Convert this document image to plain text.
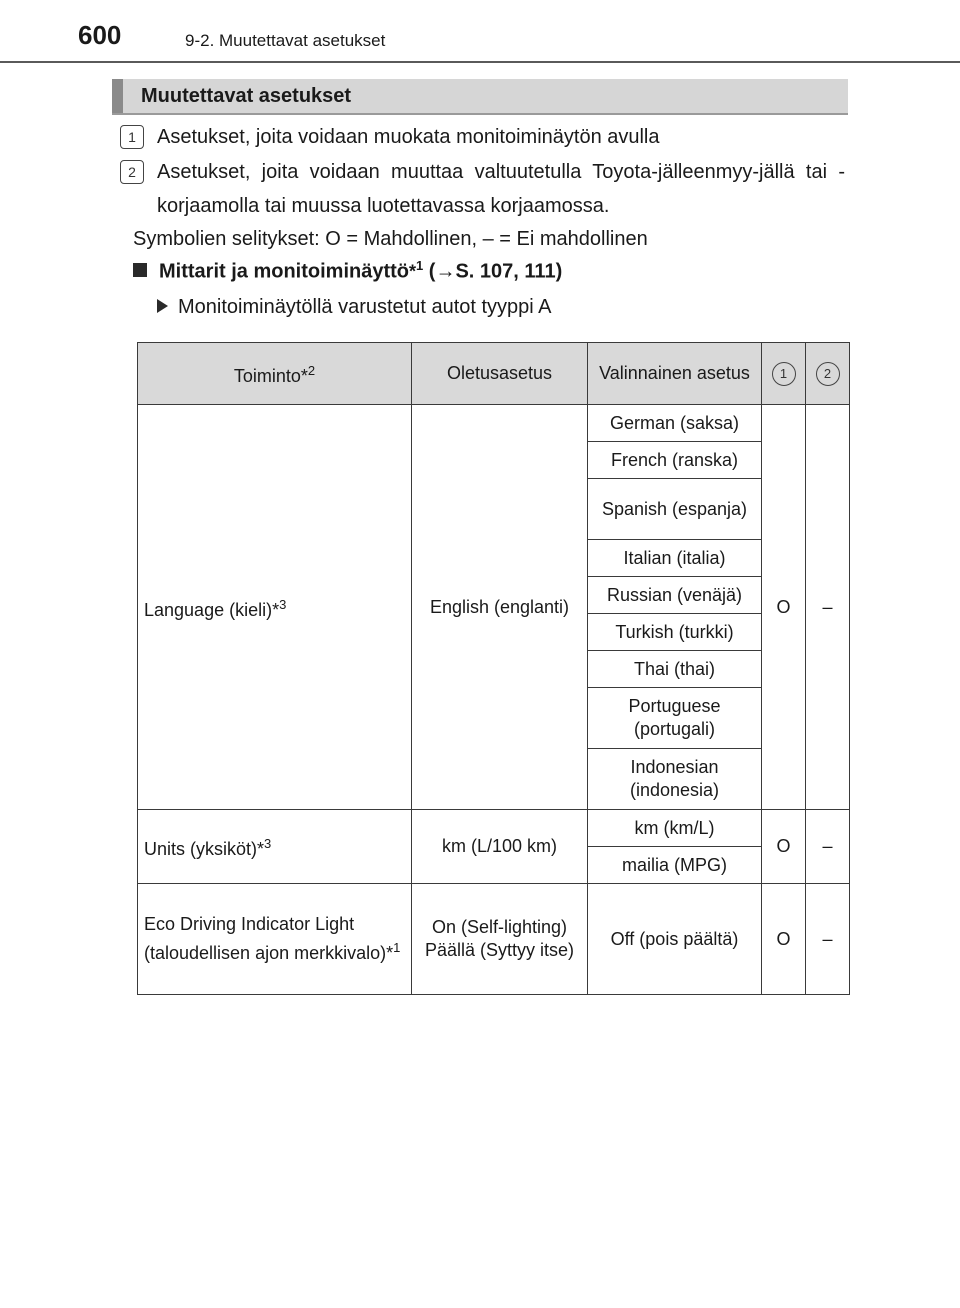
600	9-2. Muutettavat asetukset
Muutettavat asetukset
1	Asetukset, joita voidaan muokata monitoiminäytön avulla
2	Asetukset, joita voidaan muuttaa valtuutetulla Toyota-jälleenmyy-jällä tai -korjaamolla tai muussa luotettavassa korjaamossa.
Symbolien selitykset: O = Mahdollinen, – = Ei mahdollinen
Mittarit ja monitoiminäyttö*$^1$ (→S. 107, 111)
Monitoiminäytöllä varustetut autot tyyppi A
Toiminto*$^2$	Oletusasetus	Valinnainen asetus	1	2
Language (kieli)*$^3$	English (englanti)	German (saksa)	O	–
		French (ranska)		
		Spanish (espanja)		
		Italian (italia)		
		Russian (venäjä)		
		Turkish (turkki)		
		Thai (thai)		
		Portuguese (portugali)		
		Indonesian (indonesia)		
Units (yksiköt)*$^3$	km (L/100 km)	km (km/L)	O	–
		mailia (MPG)		
Eco Driving Indicator Light (taloudellisen ajon merkkivalo)*$^1$	On (Self-lighting) Päällä (Syttyy itse)	Off (pois päältä)	O	–
